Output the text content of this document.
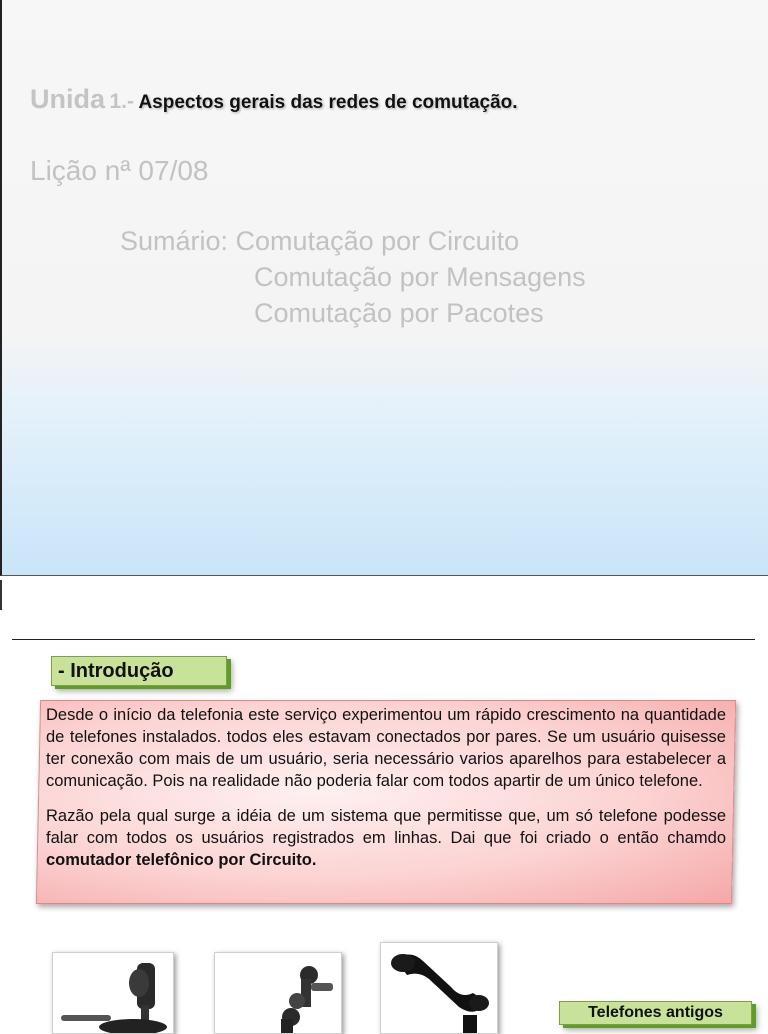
Unida 1.- Aspectos gerais das redes de comutação.
Lição nª 07/08
Sumário: Comutação por Circuito
Comutação por Mensagens
Comutação por Pacotes
- Introdução

Desde o início da telefonia este serviço experimentou um rápido crescimento na quantidade de telefones instalados. todos eles estavam conectados por pares. Se um usuário quisesse ter conexão com mais de um usuário, seria necessário varios aparelhos para estabelecer a comunicação. Pois na realidade não poderia falar com todos apartir de um único telefone.

Razão pela qual surge a idéia de um sistema que permitisse que, um só telefone podesse falar com todos os usuários registrados em linhas. Dai que foi criado o então chamdo comutador telefônico por Circuito.

Telefones antigos
